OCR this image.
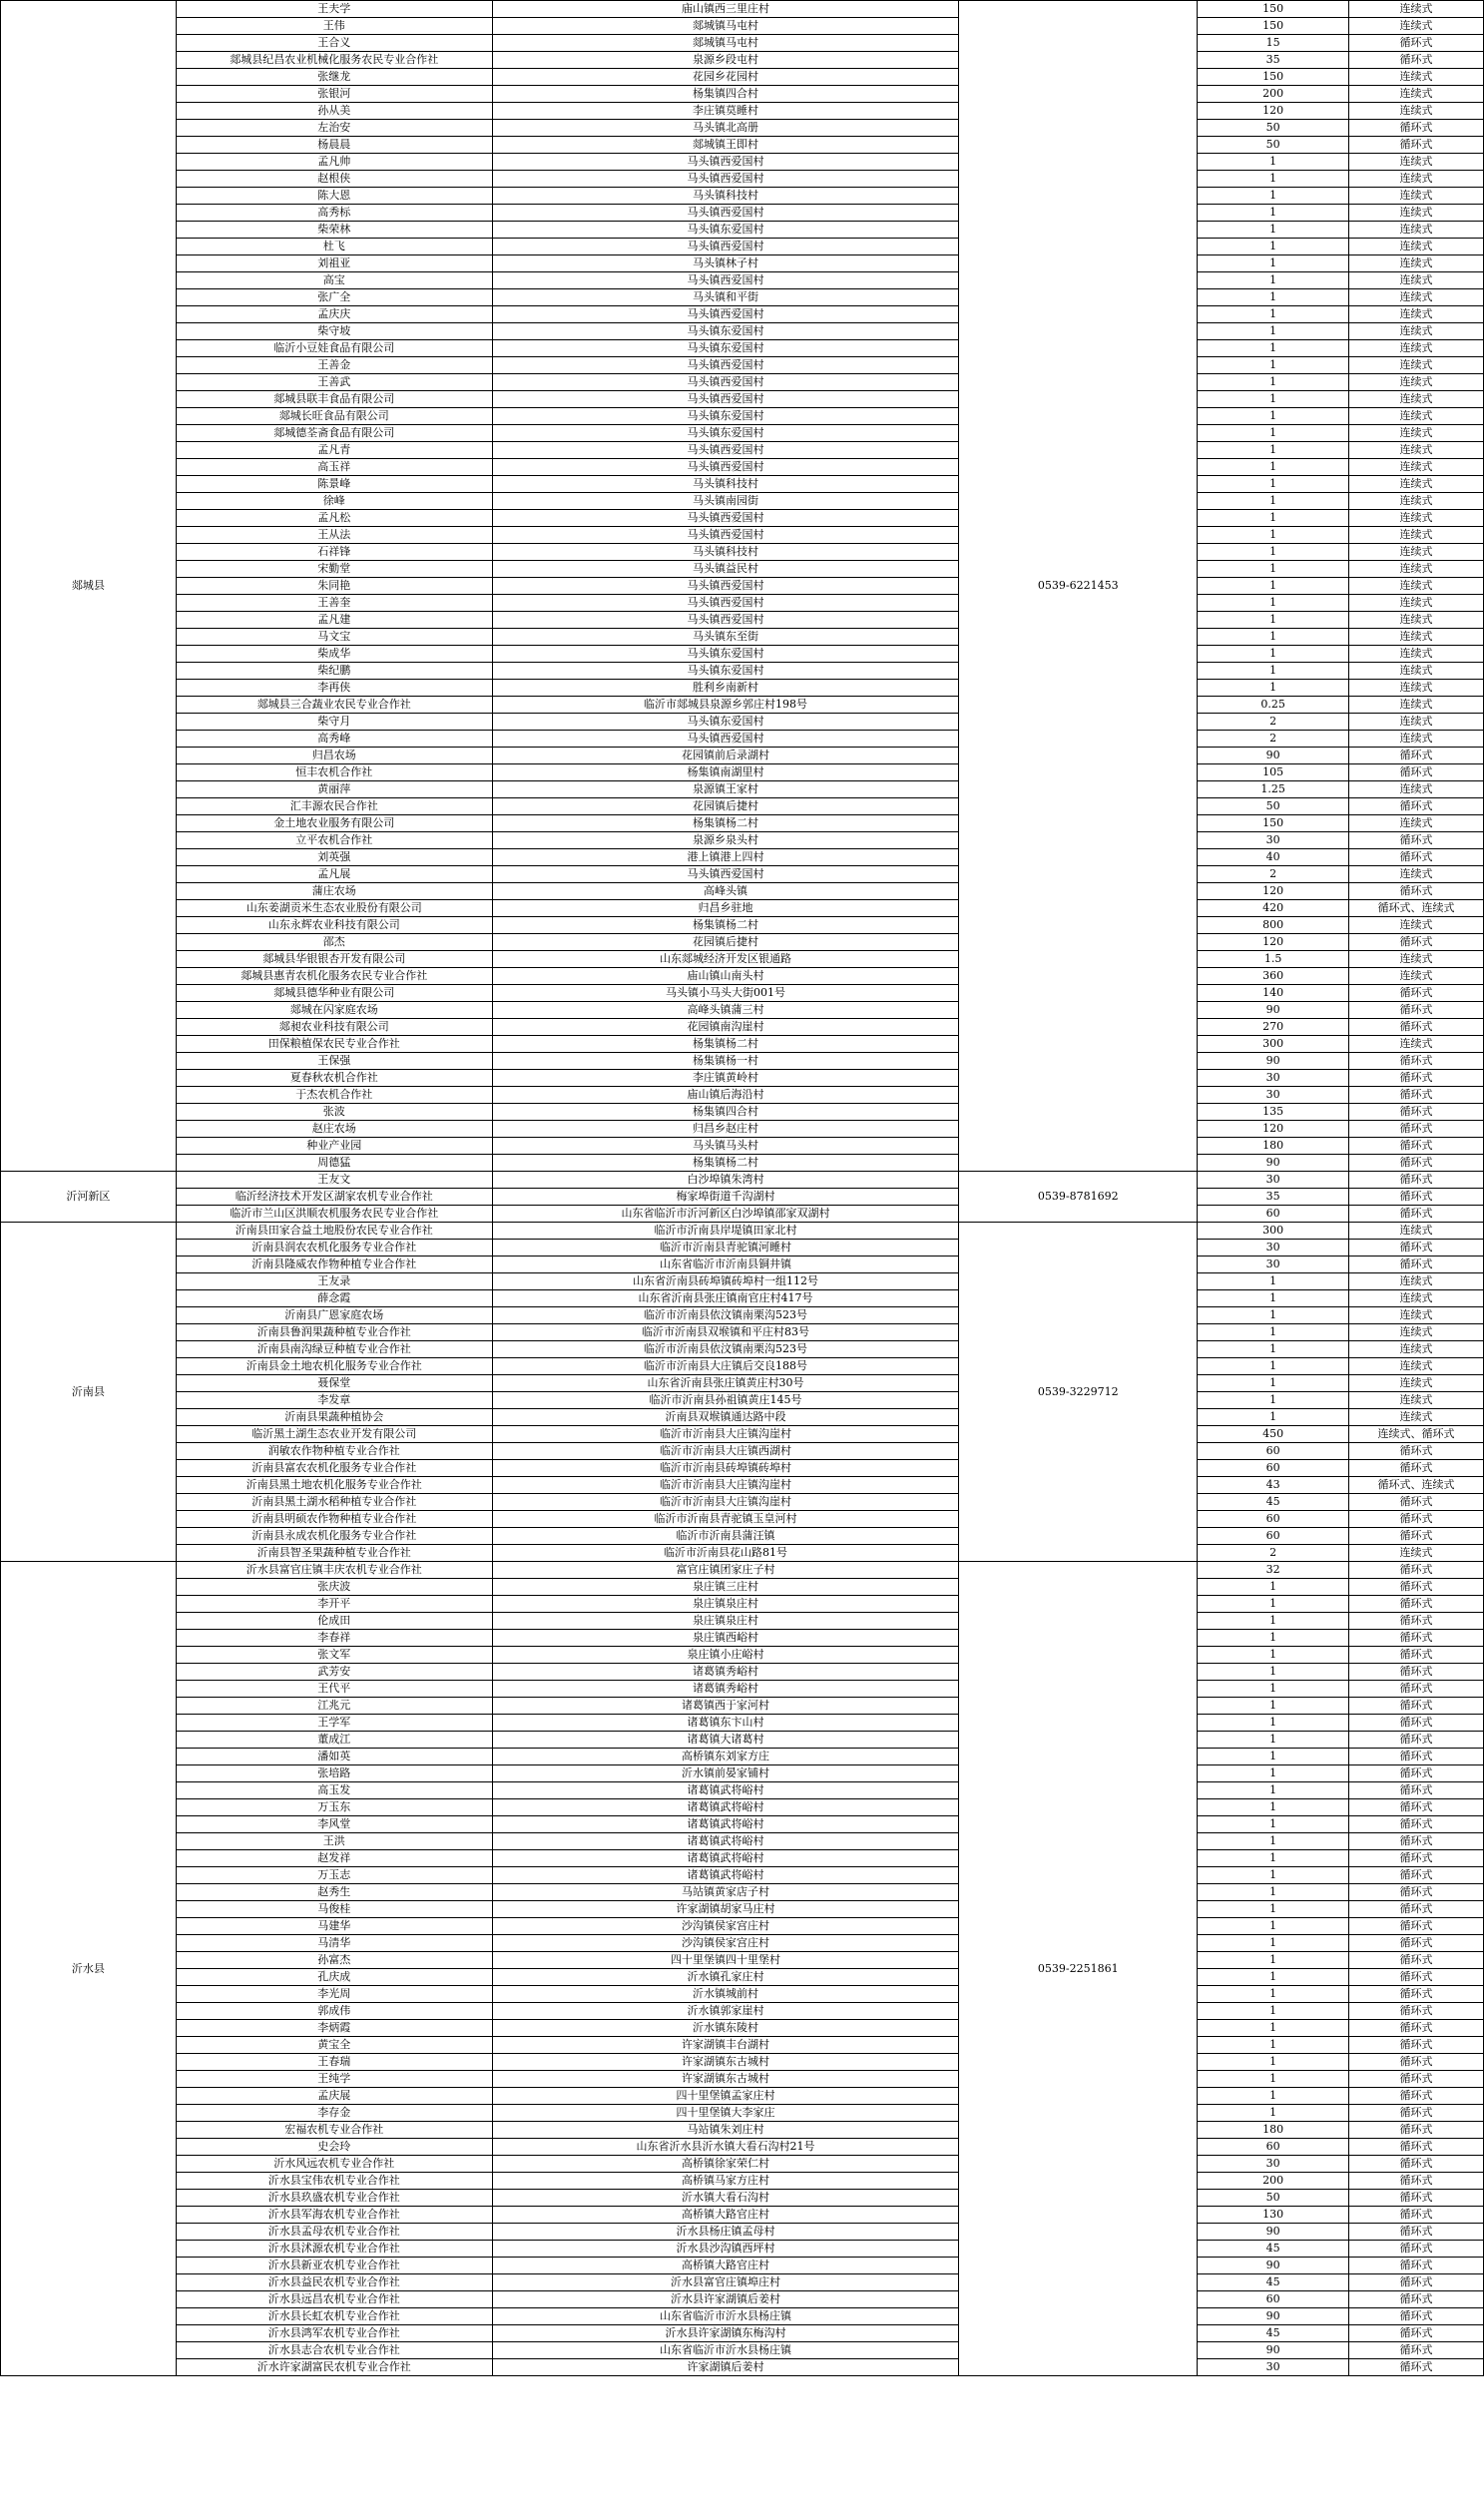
郯城县	王夫学	庙山镇西三里庄村	0539-6221453	150	连续式
	王伟	郯城镇马屯村		150	连续式
	王合义	郯城镇马屯村		15	循环式
	郯城县纪昌农业机械化服务农民专业合作社	泉源乡段屯村		35	循环式
	张继龙	花园乡花园村		150	连续式
	张银河	杨集镇四合村		200	连续式
	孙从美	李庄镇莫睡村		120	连续式
	左治安	马头镇北高册		50	循环式
	杨晨晨	郯城镇王即村		50	循环式
	孟凡帅	马头镇西爱国村		1	连续式
	赵根侠	马头镇西爱国村		1	连续式
	陈大恩	马头镇科技村		1	连续式
	高秀标	马头镇西爱国村		1	连续式
	柴荣林	马头镇东爱国村		1	连续式
	杜飞	马头镇西爱国村		1	连续式
	刘祖亚	马头镇林子村		1	连续式
	高宝	马头镇西爱国村		1	连续式
	张广全	马头镇和平街		1	连续式
	孟庆庆	马头镇西爱国村		1	连续式
	柴守坡	马头镇东爱国村		1	连续式
	临沂小豆娃食品有限公司	马头镇东爱国村		1	连续式
	王善金	马头镇西爱国村		1	连续式
	王善武	马头镇西爱国村		1	连续式
	郯城县联丰食品有限公司	马头镇西爱国村		1	连续式
	郯城长旺食品有限公司	马头镇东爱国村		1	连续式
	郯城德荃斋食品有限公司	马头镇东爱国村		1	连续式
	孟凡青	马头镇西爱国村		1	连续式
	高玉祥	马头镇西爱国村		1	连续式
	陈景峰	马头镇科技村		1	连续式
	徐峰	马头镇南园街		1	连续式
	孟凡松	马头镇西爱国村		1	连续式
	王从法	马头镇西爱国村		1	连续式
	石祥锋	马头镇科技村		1	连续式
	宋勤堂	马头镇益民村		1	连续式
	朱同艳	马头镇西爱国村		1	连续式
	王善奎	马头镇西爱国村		1	连续式
	孟凡建	马头镇西爱国村		1	连续式
	马文宝	马头镇东至街		1	连续式
	柴成华	马头镇东爱国村		1	连续式
	柴纪鹏	马头镇东爱国村		1	连续式
	李再侠	胜利乡南新村		1	连续式
	郯城县三合蔬业农民专业合作社	临沂市郯城县泉源乡郭庄村198号		0.25	连续式
	柴守月	马头镇东爱国村		2	连续式
	高秀峰	马头镇西爱国村		2	连续式
	归昌农场	花园镇前后录湖村		90	循环式
	恒丰农机合作社	杨集镇南湖里村		105	循环式
	黄丽萍	泉源镇王家村		1.25	连续式
	汇丰源农民合作社	花园镇后捷村		50	循环式
	金土地农业服务有限公司	杨集镇杨二村		150	连续式
	立平农机合作社	泉源乡泉头村		30	循环式
	刘英强	港上镇港上四村		40	循环式
	孟凡展	马头镇西爱国村		2	连续式
	蒲庄农场	高峰头镇		120	循环式
	山东姜湖贡米生态农业股份有限公司	归昌乡驻地		420	循环式、连续式
	山东永辉农业科技有限公司	杨集镇杨二村		800	连续式
	邵杰	花园镇后捷村		120	循环式
	郯城县华银银杏开发有限公司	山东郯城经济开发区银通路		1.5	连续式
	郯城县惠青农机化服务农民专业合作社	庙山镇山南头村		360	连续式
	郯城县德华种业有限公司	马头镇小马头大街001号		140	循环式
	郯城在闪家庭农场	高峰头镇蒲三村		90	循环式
	郯昶农业科技有限公司	花园镇南沟崖村		270	循环式
	田保粮植保农民专业合作社	杨集镇杨二村		300	连续式
	王保强	杨集镇杨一村		90	循环式
	夏春秋农机合作社	李庄镇黄岭村		30	循环式
	于杰农机合作社	庙山镇后海沿村		30	循环式
	张波	杨集镇四合村		135	循环式
	赵庄农场	归昌乡赵庄村		120	循环式
	种业产业园	马头镇马头村		180	循环式
	周德猛	杨集镇杨二村		90	循环式
沂河新区	王友文	白沙埠镇朱湾村	0539-8781692	30	循环式
	临沂经济技术开发区湖家农机专业合作社	梅家埠街道千沟湖村		35	循环式
	临沂市兰山区洪顺农机服务农民专业合作社	山东省临沂市沂河新区白沙埠镇邵家双湖村		60	循环式
沂南县	沂南县田家合益土地股份农民专业合作社	临沂市沂南县岸堤镇田家北村	0539-3229712	300	连续式
	沂南县润农农机化服务专业合作社	临沂市沂南县青驼镇河睡村		30	循环式
	沂南县隆威农作物种植专业合作社	山东省临沂市沂南县铜井镇		30	循环式
	王友录	山东省沂南县砖埠镇砖埠村一组112号		1	连续式
	薛念霞	山东省沂南县张庄镇南官庄村417号		1	连续式
	沂南县广恩家庭农场	临沂市沂南县依汶镇南栗沟523号		1	连续式
	沂南县鲁润果蔬种植专业合作社	临沂市沂南县双堠镇和平庄村83号		1	连续式
	沂南县南沟绿豆种植专业合作社	临沂市沂南县依汶镇南栗沟523号		1	连续式
	沂南县金土地农机化服务专业合作社	临沂市沂南县大庄镇后交良188号		1	连续式
	聂保堂	山东省沂南县张庄镇黄庄村30号		1	连续式
	李发章	临沂市沂南县孙祖镇黄庄145号		1	连续式
	沂南县果蔬种植协会	沂南县双堠镇通达路中段		1	连续式
	临沂黑土湖生态农业开发有限公司	临沂市沂南县大庄镇沟崖村		450	连续式、循环式
	润敏农作物种植专业合作社	临沂市沂南县大庄镇西湖村		60	循环式
	沂南县富农农机化服务专业合作社	临沂市沂南县砖埠镇砖埠村		60	循环式
	沂南县黑土地农机化服务专业合作社	临沂市沂南县大庄镇沟崖村		43	循环式、连续式
	沂南县黑土湖水稻种植专业合作社	临沂市沂南县大庄镇沟崖村		45	循环式
	沂南县明硕农作物种植专业合作社	临沂市沂南县青驼镇玉皇河村		60	循环式
	沂南县永成农机化服务专业合作社	临沂市沂南县蒲汪镇		60	循环式
	沂南县智圣果蔬种植专业合作社	临沂市沂南县花山路81号		2	连续式
沂水县	沂水县富官庄镇丰庆农机专业合作社	富官庄镇团家庄子村	0539-2251861	32	循环式
	张庆波	泉庄镇三庄村		1	循环式
	李开平	泉庄镇泉庄村		1	循环式
	伦成田	泉庄镇泉庄村		1	循环式
	李春祥	泉庄镇西峪村		1	循环式
	张文军	泉庄镇小庄峪村		1	循环式
	武芳安	诸葛镇秀峪村		1	循环式
	王代平	诸葛镇秀峪村		1	循环式
	江兆元	诸葛镇西于家河村		1	循环式
	王学军	诸葛镇东卞山村		1	循环式
	董成江	诸葛镇大诸葛村		1	循环式
	潘如英	高桥镇东刘家方庄		1	循环式
	张培路	沂水镇前晏家铺村		1	循环式
	高玉发	诸葛镇武将峪村		1	循环式
	万玉东	诸葛镇武将峪村		1	循环式
	李风堂	诸葛镇武将峪村		1	循环式
	王洪	诸葛镇武将峪村		1	循环式
	赵发祥	诸葛镇武将峪村		1	循环式
	万玉志	诸葛镇武将峪村		1	循环式
	赵秀生	马站镇黄家店子村		1	循环式
	马俊桂	许家湖镇胡家马庄村		1	循环式
	马建华	沙沟镇侯家宫庄村		1	循环式
	马清华	沙沟镇侯家宫庄村		1	循环式
	孙富杰	四十里堡镇四十里堡村		1	循环式
	孔庆成	沂水镇孔家庄村		1	循环式
	李光周	沂水镇城前村		1	循环式
	郭成伟	沂水镇郭家崖村		1	循环式
	李炳霞	沂水镇东陵村		1	循环式
	黄宝全	许家湖镇丰台湖村		1	循环式
	王春瑞	许家湖镇东古城村		1	循环式
	王纯学	许家湖镇东古城村		1	循环式
	孟庆展	四十里堡镇孟家庄村		1	循环式
	李存金	四十里堡镇大李家庄		1	循环式
	宏福农机专业合作社	马站镇朱刘庄村		180	循环式
	史会玲	山东省沂水县沂水镇大看石沟村21号		60	循环式
	沂水风远农机专业合作社	高桥镇徐家荣仁村		30	循环式
	沂水县宝伟农机专业合作社	高桥镇马家方庄村		200	循环式
	沂水县玖盛农机专业合作社	沂水镇大看石沟村		50	循环式
	沂水县军海农机专业合作社	高桥镇大路官庄村		130	循环式
	沂水县孟母农机专业合作社	沂水县杨庄镇孟母村		90	循环式
	沂水县沭源农机专业合作社	沂水县沙沟镇西坪村		45	循环式
	沂水县新亚农机专业合作社	高桥镇大路官庄村		90	循环式
	沂水县益民农机专业合作社	沂水县富官庄镇埠庄村		45	循环式
	沂水县远昌农机专业合作社	沂水县许家湖镇后姜村		60	循环式
	沂水县长虹农机专业合作社	山东省临沂市沂水县杨庄镇		90	循环式
	沂水县鸿军农机专业合作社	沂水县许家湖镇东梅沟村		45	循环式
	沂水县志合农机专业合作社	山东省临沂市沂水县杨庄镇		90	循环式
	沂水许家湖富民农机专业合作社	许家湖镇后姜村		30	循环式
